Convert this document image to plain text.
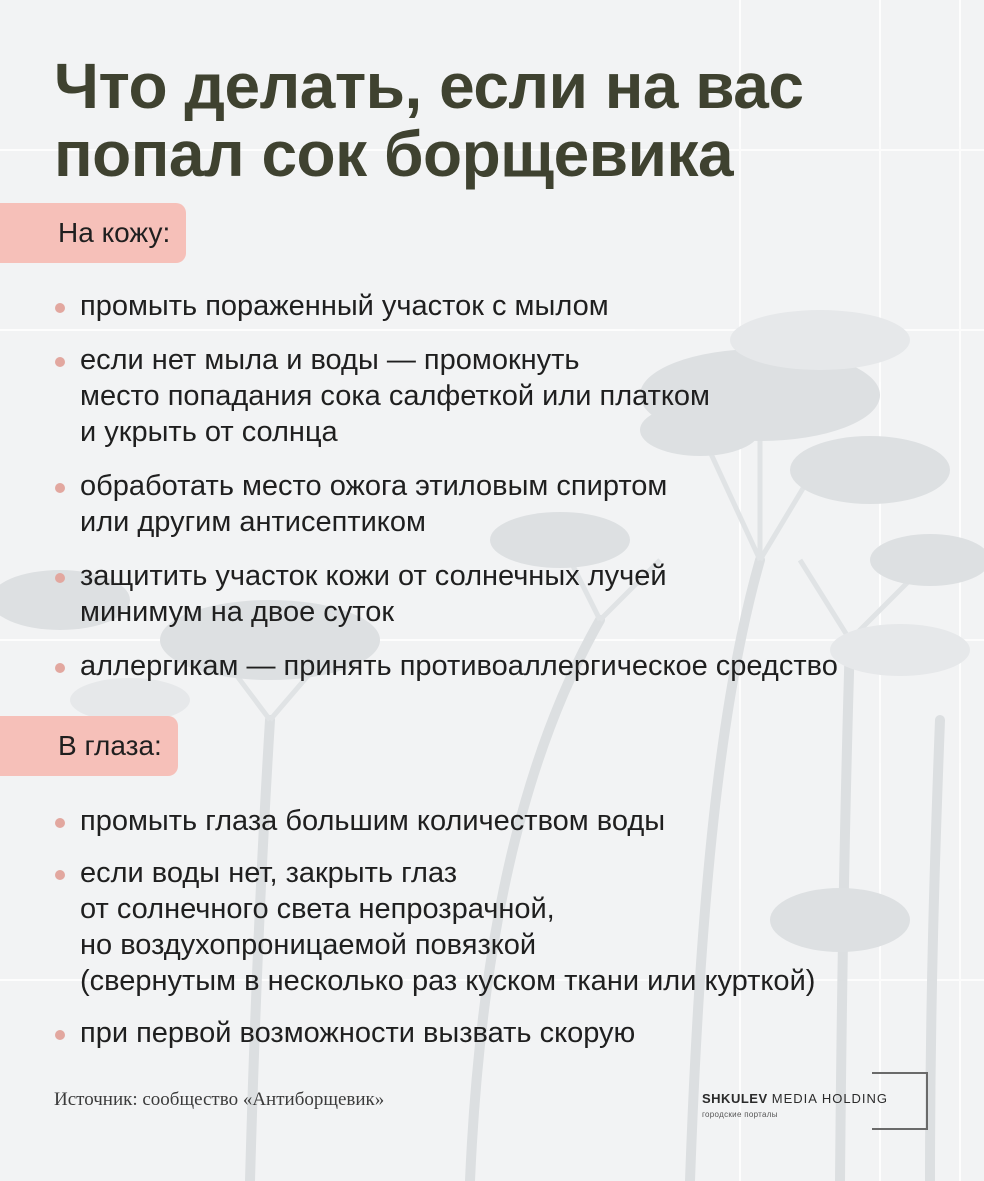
Что делать, если на вас
попал сок борщевика
На кожу:
промыть пораженный участок с мылом
если нет мыла и воды — промокнуть
место попадания сока салфеткой или платком
и укрыть от солнца
обработать место ожога этиловым спиртом
или другим антисептиком
защитить участок кожи от солнечных лучей
минимум на двое суток
аллергикам — принять противоаллергическое средство
В глаза:
промыть глаза большим количеством воды
если воды нет, закрыть глаз
от солнечного света непрозрачной,
но воздухопроницаемой повязкой
(свернутым в несколько раз куском ткани или курткой)
при первой возможности вызвать скорую
Источник: сообщество «Антиборщевик»	SHKULEV MEDIA HOLDING
городские порталы
